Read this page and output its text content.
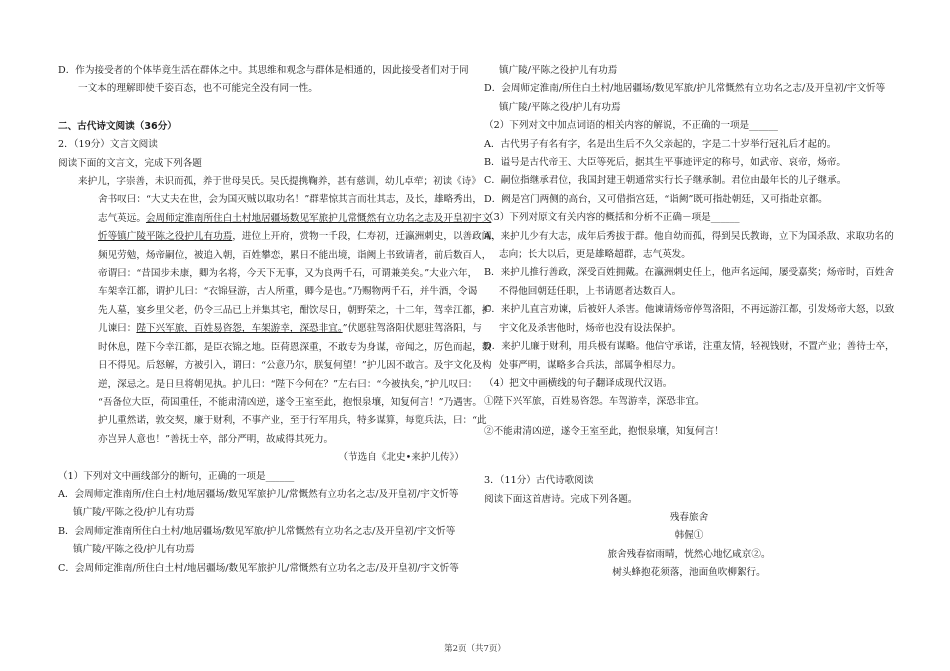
D．作为接受者的个体毕竟生活在群体之中。其思维和观念与群体是相通的，因此接受者们对于同
一文本的理解即使千姿百态，也不可能完全没有同一性。
二、古代诗文阅读（36分）
2．（19分）文言文阅读
阅读下面的文言文，完成下列各题
来护儿，字崇善，未识而孤，养于世母吴氏。吴氏提携鞠养，甚有慈训，幼儿卓荦；初读《诗》
舍书叹曰：“大丈夫在世，会为国灭贼以取功名！”群辈惊其言而壮其志，及长，雄略秀出，
志气英远。会周师定淮南所住白土村地居疆场数见军旅护儿常慨然有立功名之志及开皇初宇文
忻等镇广陵平陈之役护儿有功焉，进位上开府，赏物一千段，仁寿初，迁瀛洲刺史，以善政闻，
频见劳勉，炀帝嗣位，被追入朝，百姓攀恋，累日不能出境，诣阙上书致请者，前后数百人，
帝谓曰：“昔国步未康，卿为名将，今天下无事，又为良两千石，可谓兼美矣。”大业六年，
车架幸江都，谓护儿曰：“衣锦昼游，古人所重，卿今是也。”乃赐物两千石，并牛酒，令谒
先人墓，宴乡里父老，仍令三品已上并集其宅，酣饮尽日，朝野荣之，十二年，驾幸江都，护
儿谏曰：陛下兴军旅，百姓易咨怨，车架游幸，深恐非宜。”伏愿驻驾洛阳伏愿驻驾洛阳，与
时休息，陛下今幸江都，是臣衣锦之地。臣荷恩深重，不敢专为身谋，帝闻之，厉色而起，数
日不得见。后怒解，方被引入，谓曰：“公意乃尔，朕复何望！”护儿因不敢言。及宇文化及构
逆，深忌之。是日旦将朝见执。护儿曰：“陛下今何在？”左右曰：“今被执矣，”护儿叹曰：
“吾备位大臣，荷国重任，不能肃清凶逆，遂令王室至此，抱恨泉壤，知复何言！”乃遇害。
护儿重然诺，敦交契，廉于财利，不事产业，至于行军用兵，特多谋算，每览兵法，曰：“此
亦岂异人意也！”善抚士卒，部分严明，故咸得其死力。
（节选自《北史•来护儿传》）
（1）下列对文中画线部分的断句，正确的一项是______
A．会周师定淮南所/住白土村/地居疆场/数见军旅护儿/常慨然有立功名之志/及开皇初/宇文忻等
镇广陵/平陈之役/护儿有功焉
B．会周师定淮南所住白土村/地居疆场/数见军旅/护儿常慨然有立功名之志/及开皇初/宇文忻等
镇广陵/平陈之役/护儿有功焉
C．会周师定淮南/所住白土村/地居疆场/数见军旅护儿/常慨然有立功名之志/及开皇初/宇文忻等
镇广陵/平陈之役护儿有功焉
D．会周师定淮南/所住白土村/地居疆场/数见军旅/护儿常慨然有立功名之志/及开皇初/宇文忻等
镇广陵/平陈之役/护儿有功焉
（2）下列对文中加点词语的相关内容的解说，不正确的一项是______
A．古代男子有名有字，名是出生后不久父亲起的，字是二十岁举行冠礼后才起的。
B．谥号是古代帝王、大臣等死后，据其生平事迹评定的称号，如武帝、哀帝，炀帝。
C．嗣位指继承君位，我国封建王朝通常实行长子继承制。君位由最年长的儿子继承。
D．阙是宫门两侧的高台，又可借指宫廷，“诣阙”既可指赴朝廷，又可指赴京都。
（3）下列对原文有关内容的概括和分析不正确－项是______
A．来护儿少有大志，成年后秀拔于群。他自幼而孤，得到吴氏教诲，立下为国杀敌、求取功名的
志向；长大以后，更是雄略超群，志气英发。
B．来护儿推行善政，深受百姓拥戴。在瀛洲刺史任上，他声名远闻，屡受嘉奖；炀帝时，百姓舍
不得他回朝廷任职，上书请愿者达数百人。
C．来护儿直言劝谏，后被奸人杀害。他谏请炀帝停驾洛阳，不再远游江都，引发炀帝大怒，以致
宇文化及杀害他时，炀帝也没有设法保护。
D．来护儿廉于财利，用兵极有谋略。他信守承诺，注重友情，轻视钱财，不置产业；善待士卒，
处事严明，谋略多合兵法，部属争相尽力。
（4）把文中画横线的句子翻译成现代汉语。
①陛下兴军旅，百姓易咨怨。车驾游幸，深恐非宜。
②不能肃清凶逆，遂令王室至此，抱恨泉壤，知复何言！
3．（11分）古代诗歌阅读
阅读下面这首唐诗。完成下列各题。
残春旅舍
韩偓①
旅舍残春宿雨晴，恍然心地忆咸京②。
树头蜂抱花须落，池面鱼吹柳絮行。
第2页（共7页）
